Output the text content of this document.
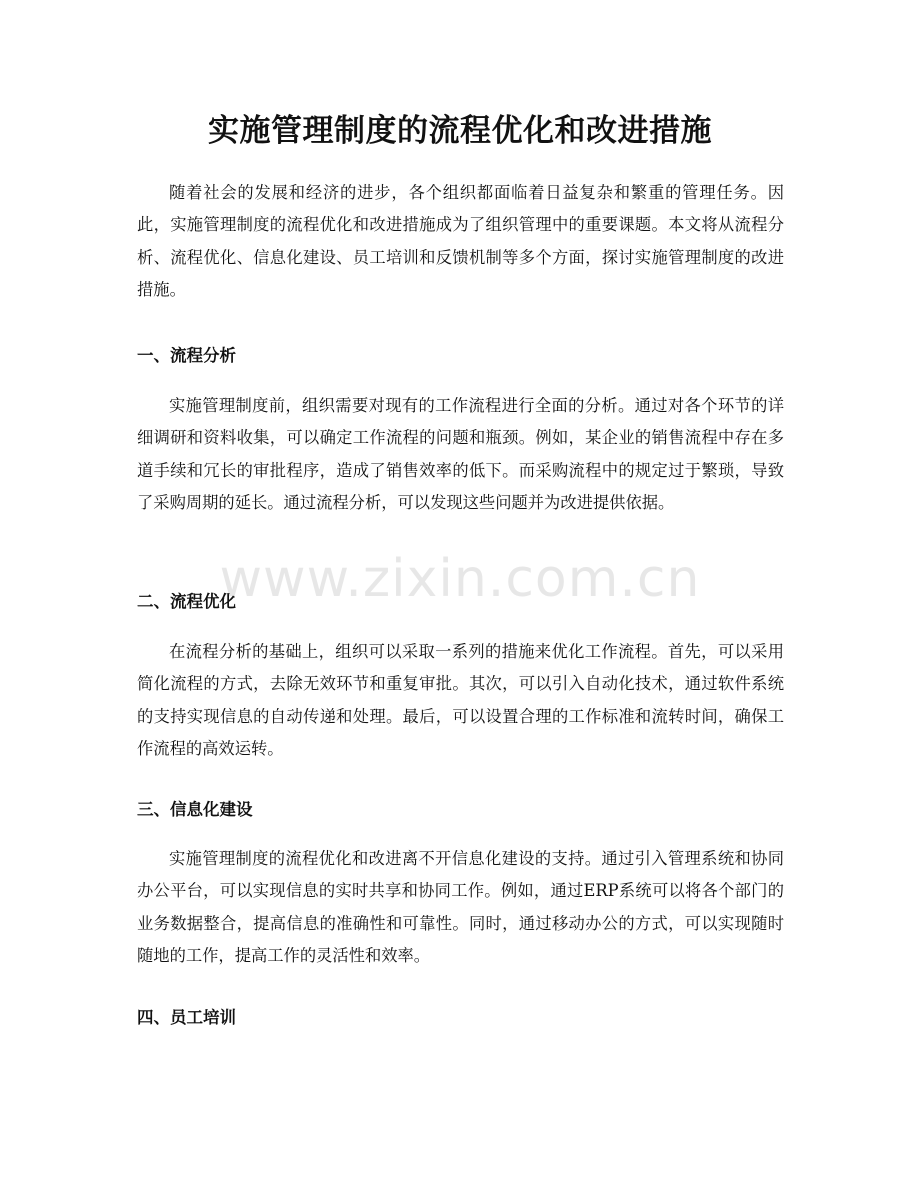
实施管理制度的流程优化和改进措施

随着社会的发展和经济的进步，各个组织都面临着日益复杂和繁重的管理任务。因此，实施管理制度的流程优化和改进措施成为了组织管理中的重要课题。本文将从流程分析、流程优化、信息化建设、员工培训和反馈机制等多个方面，探讨实施管理制度的改进措施。

一、流程分析

实施管理制度前，组织需要对现有的工作流程进行全面的分析。通过对各个环节的详细调研和资料收集，可以确定工作流程的问题和瓶颈。例如，某企业的销售流程中存在多道手续和冗长的审批程序，造成了销售效率的低下。而采购流程中的规定过于繁琐，导致了采购周期的延长。通过流程分析，可以发现这些问题并为改进提供依据。

二、流程优化

在流程分析的基础上，组织可以采取一系列的措施来优化工作流程。首先，可以采用简化流程的方式，去除无效环节和重复审批。其次，可以引入自动化技术，通过软件系统的支持实现信息的自动传递和处理。最后，可以设置合理的工作标准和流转时间，确保工作流程的高效运转。

三、信息化建设

实施管理制度的流程优化和改进离不开信息化建设的支持。通过引入管理系统和协同办公平台，可以实现信息的实时共享和协同工作。例如，通过ERP系统可以将各个部门的业务数据整合，提高信息的准确性和可靠性。同时，通过移动办公的方式，可以实现随时随地的工作，提高工作的灵活性和效率。

四、员工培训
www.zixin.com.cn
